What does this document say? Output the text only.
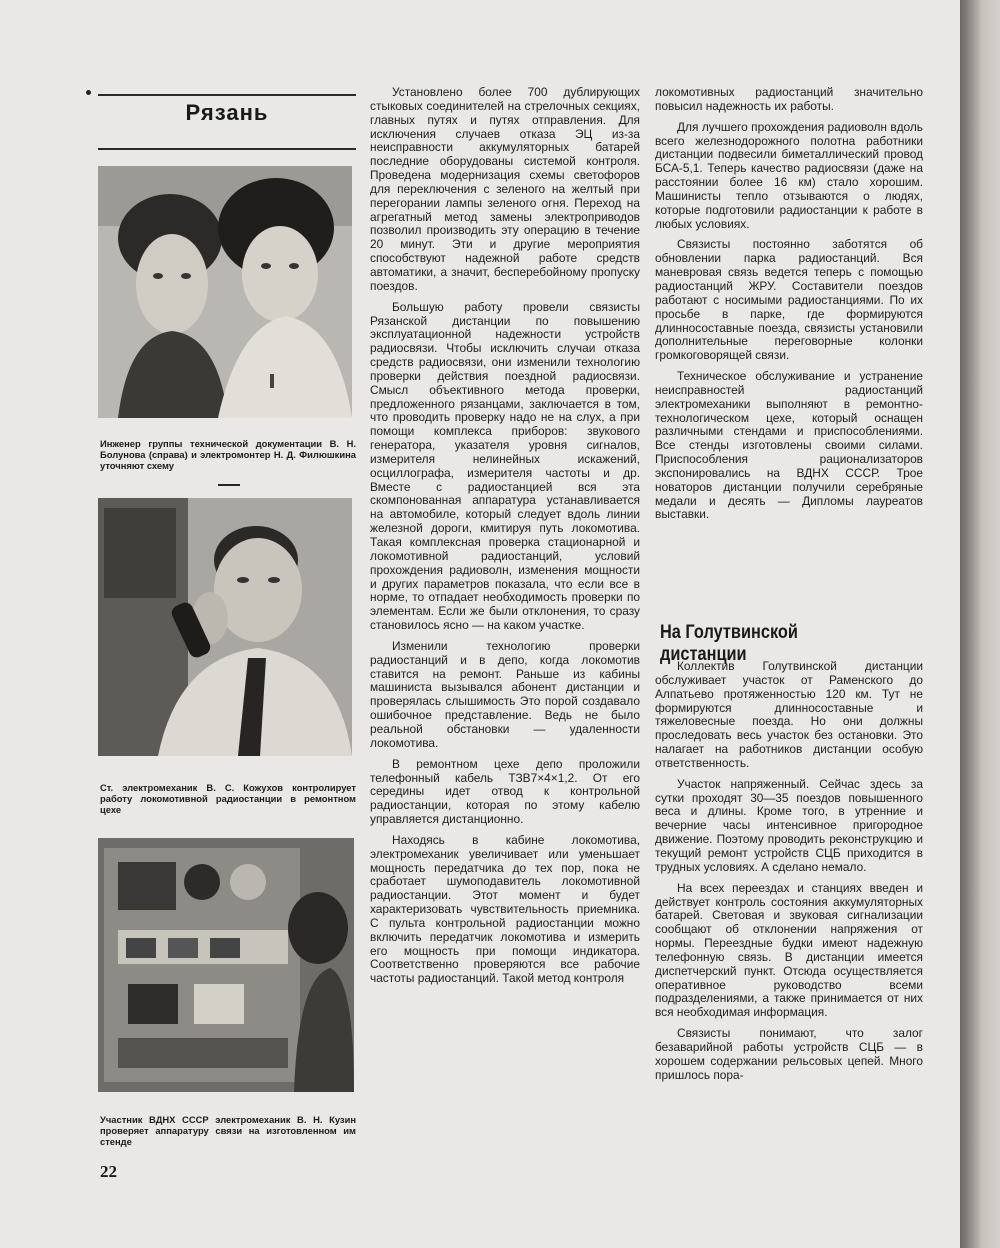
Рязань
Инженер группы технической документации В. Н. Болунова (справа) и электромонтер Н. Д. Филюшкина уточняют схему
Ст. электромеханик В. С. Кожухов контролирует работу локомотивной радиостанции в ремонтном цехе
Участник ВДНХ СССР электромеханик В. Н. Кузин проверяет аппаратуру связи на изготовленном им стенде

Установлено более 700 дублирующих стыковых соединителей на стрелочных секциях, главных путях и путях отправления. Для исключения случаев отказа ЭЦ из-за неисправности аккумуляторных батарей последние оборудованы системой контроля. Проведена модернизация схемы светофоров для переключения с зеленого на желтый при перегорании лампы зеленого огня. Переход на агрегатный метод замены электроприводов позволил производить эту операцию в течение 20 минут. Эти и другие мероприятия способствуют надежной работе средств автоматики, а значит, бесперебойному пропуску поездов.

Большую работу провели связисты Рязанской дистанции по повышению эксплуатационной надежности устройств радиосвязи. Чтобы исключить случаи отказа средств радиосвязи, они изменили технологию проверки действия поездной радиосвязи. Смысл объективного метода проверки, предложенного рязанцами, заключается в том, что проводить проверку надо не на слух, а при помощи комплекса приборов: звукового генератора, указателя уровня сигналов, измерителя нелинейных искажений, осциллографа, измерителя частоты и др. Вместе с радиостанцией вся эта скомпонованная аппаратура устанавливается на автомобиле, который следует вдоль линии железной дороги, кмитируя путь локомотива. Такая комплексная проверка стационарной и локомотивной радиостанций, условий прохождения радиоволн, изменения мощности и других параметров показала, что если все в норме, то отпадает необходимость проверки по элементам. Если же были отклонения, то сразу становилось ясно — на каком участке.

Изменили технологию проверки радиостанций и в депо, когда локомотив ставится на ремонт. Раньше из кабины машиниста вызывался абонент дистанции и проверялась слышимость Это порой создавало ошибочное представление. Ведь не было реальной обстановки — удаленности локомотива.

В ремонтном цехе депо проложили телефонный кабель ТЗВ7×4×1,2. От его середины идет отвод к контрольной радиостанции, которая по этому кабелю управляется дистанционно.

Находясь в кабине локомотива, электромеханик увеличивает или уменьшает мощность передатчика до тех пор, пока не сработает шумоподавитель локомотивной радиостанции. Этот момент и будет характеризовать чувствительность приемника. С пульта контрольной радиостанции можно включить передатчик локомотива и измерить его мощность при помощи индикатора. Соответственно проверяются все рабочие частоты радиостанций. Такой метод контроля

локомотивных радиостанций значительно повысил надежность их работы.

Для лучшего прохождения радиоволн вдоль всего железнодорожного полотна работники дистанции подвесили биметаллический провод БСА-5,1. Теперь качество радиосвязи (даже на расстоянии более 16 км) стало хорошим. Машинисты тепло отзываются о людях, которые подготовили радиостанции к работе в любых условиях.

Связисты постоянно заботятся об обновлении парка радиостанций. Вся маневровая связь ведется теперь с помощью радиостанций ЖРУ. Составители поездов работают с носимыми радиостанциями. По их просьбе в парке, где формируются длинносоставные поезда, связисты установили дополнительные переговорные колонки громкоговорящей связи.

Техническое обслуживание и устранение неисправностей радиостанций электромеханики выполняют в ремонтно-технологическом цехе, который оснащен различными стендами и приспособлениями. Все стенды изготовлены своими силами. Приспособления рационализаторов экспонировались на ВДНХ СССР. Трое новаторов дистанции получили серебряные медали и десять — Дипломы лауреатов выставки.

На Голутвинской дистанции

Коллектив Голутвинской дистанции обслуживает участок от Раменского до Алпатьево протяженностью 120 км. Тут не формируются длинносоставные и тяжеловесные поезда. Но они должны проследовать весь участок без остановки. Это налагает на работников дистанции особую ответственность.

Участок напряженный. Сейчас здесь за сутки проходят 30—35 поездов повышенного веса и длины. Кроме того, в утренние и вечерние часы интенсивное пригородное движение. Поэтому проводить реконструкцию и текущий ремонт устройств СЦБ приходится в трудных условиях. А сделано немало.

На всех переездах и станциях введен и действует контроль состояния аккумуляторных батарей. Световая и звуковая сигнализации сообщают об отклонении напряжения от нормы. Переездные будки имеют надежную телефонную связь. В дистанции имеется диспетчерский пункт. Отсюда осуществляется оперативное руководство всеми подразделениями, а также принимается от них вся необходимая информация.

Связисты понимают, что залог безаварийной работы устройств СЦБ — в хорошем содержании рельсовых цепей. Много пришлось пора-

22
